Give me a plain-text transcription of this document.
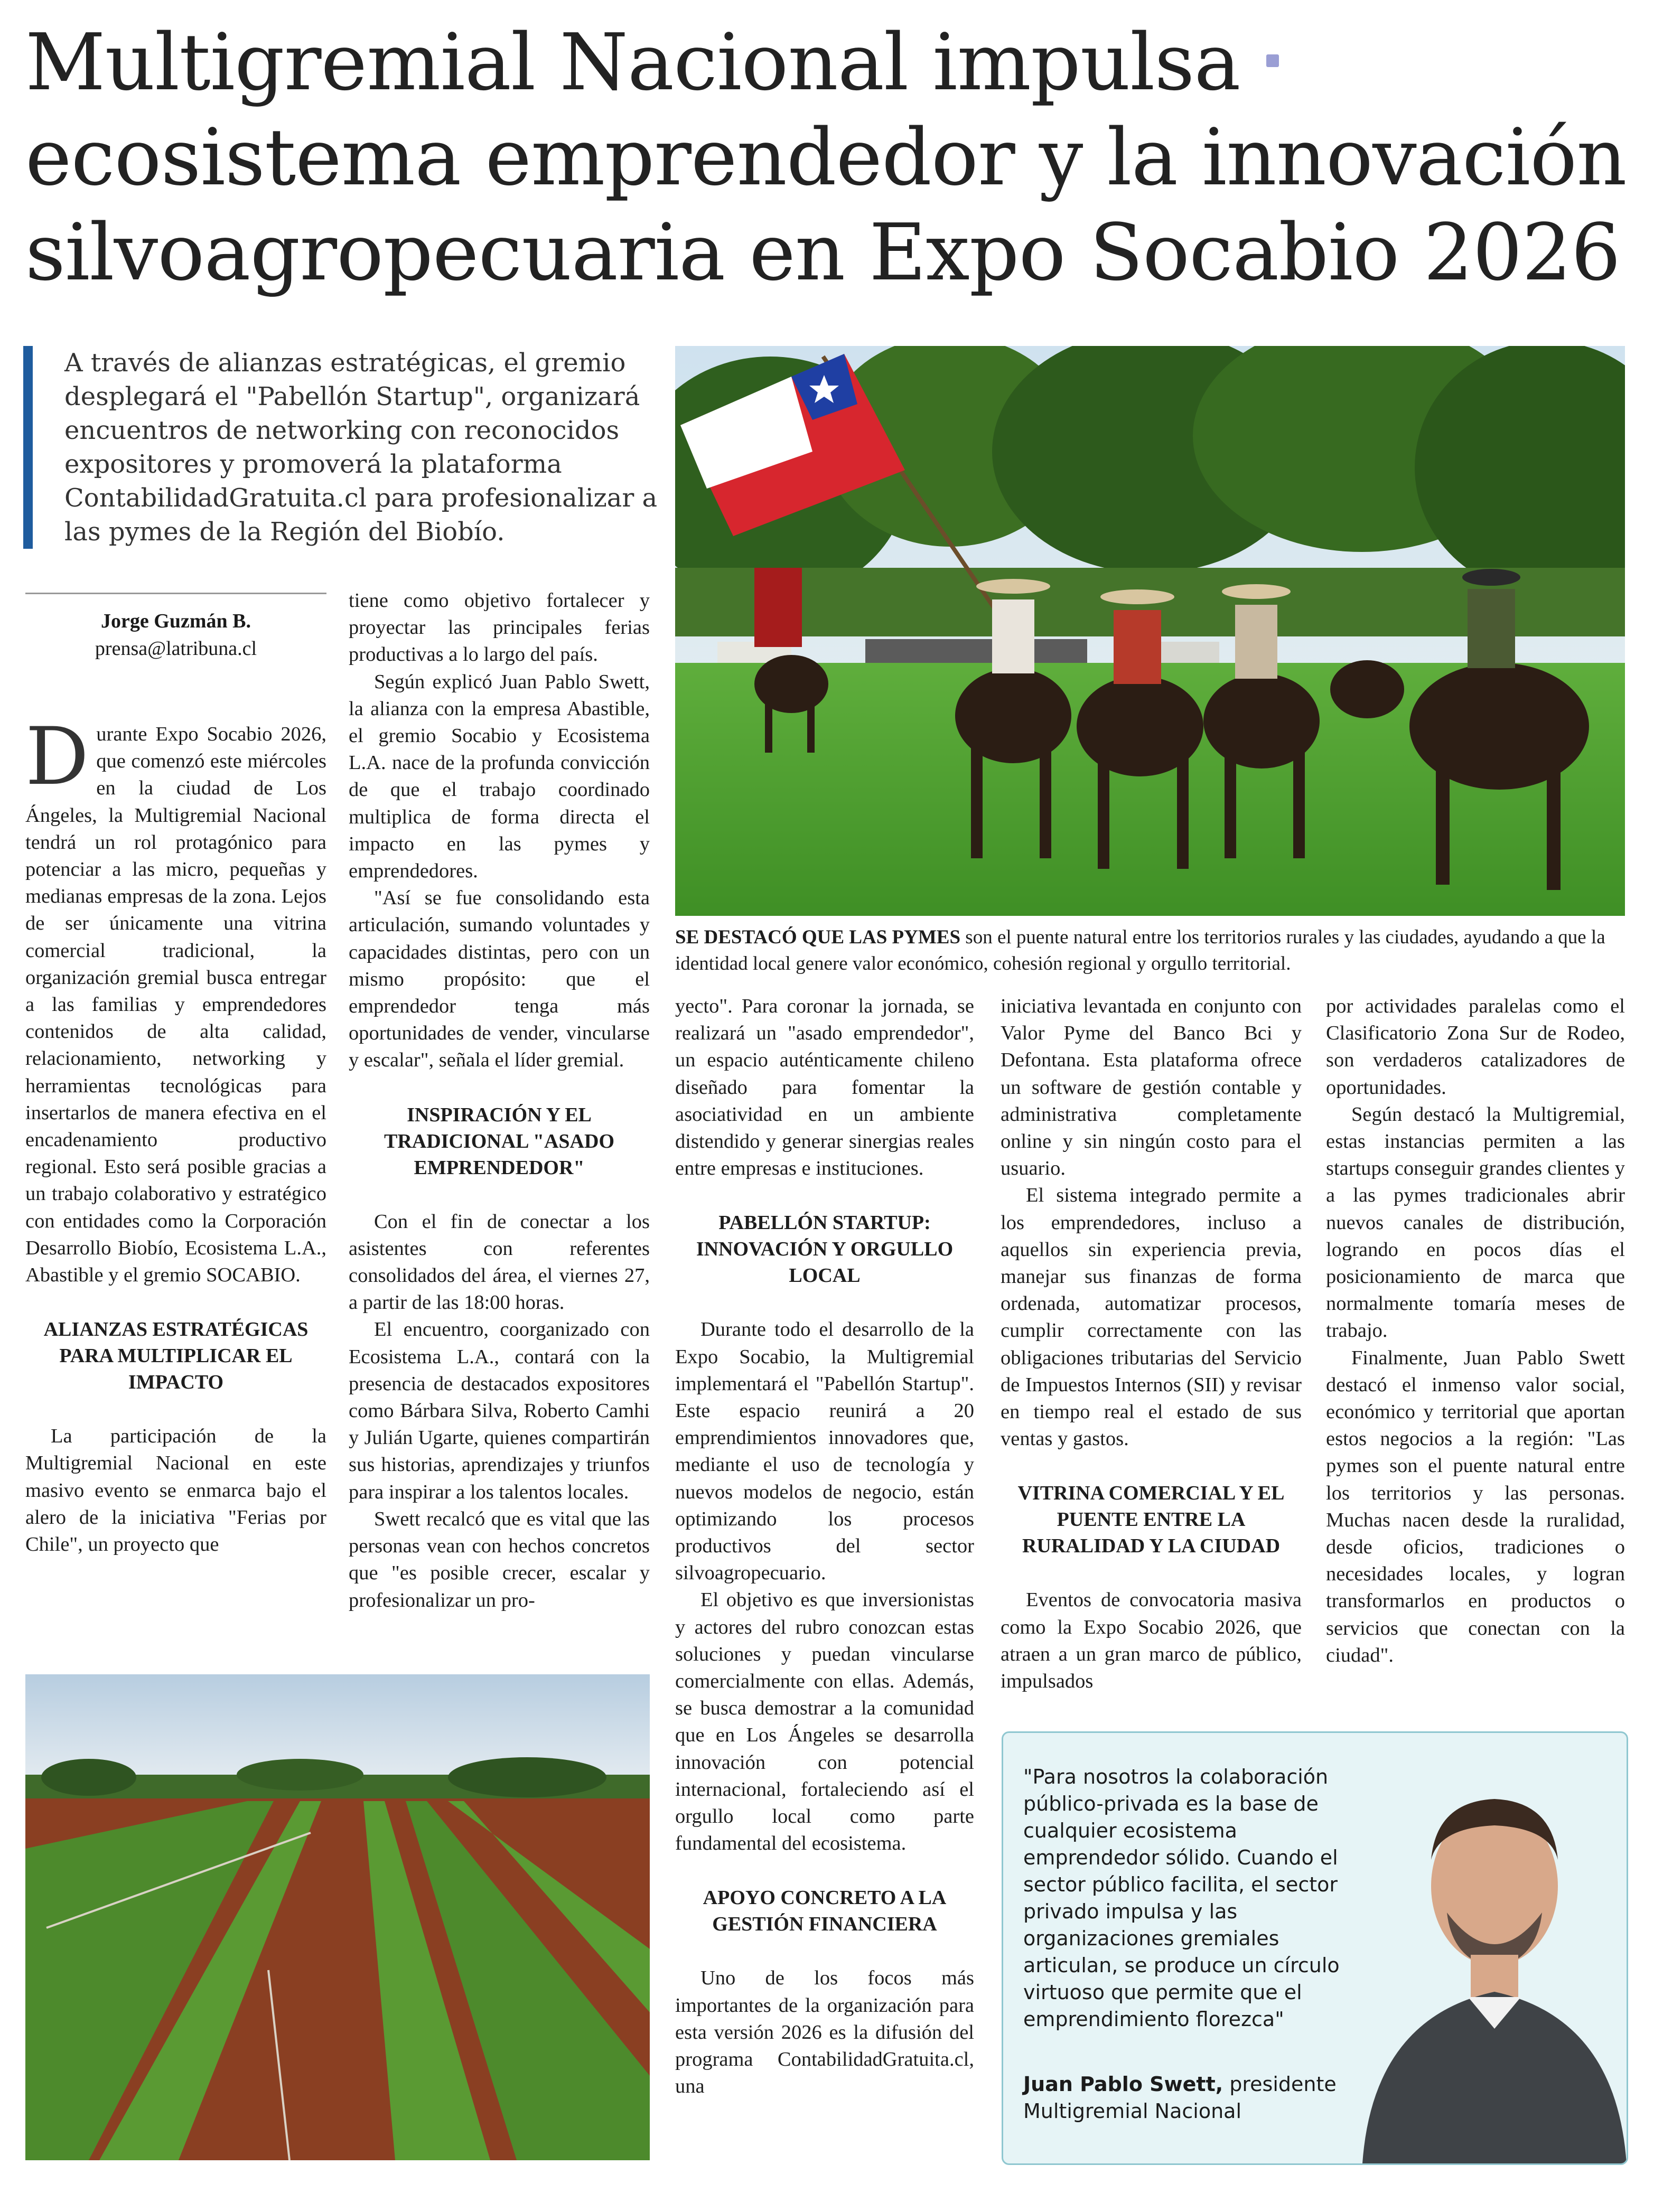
Multigremial Nacional impulsa
ecosistema emprendedor y la innovación
silvoagropecuaria en Expo Socabio 2026

A través de alianzas estratégicas, el gremio desplegará el "Pabellón Startup", organizará encuentros de networking con reconocidos expositores y promoverá la plataforma ContabilidadGratuita.cl para profesionalizar a las pymes de la Región del Biobío.

Jorge Guzmán B.
prensa@latribuna.cl
SE DESTACÓ QUE LAS PYMES son el puente natural entre los territorios rurales y las ciudades, ayudando a que la identidad local genere valor económico, cohesión regional y orgullo territorial.

Durante Expo Socabio 2026, que comenzó este miércoles en la ciudad de Los Ángeles, la Multigremial Nacional tendrá un rol protagónico para potenciar a las micro, pequeñas y medianas empresas de la zona. Lejos de ser únicamente una vitrina comercial tradicional, la organización gremial busca entregar a las familias y emprendedores contenidos de alta calidad, relacionamiento, networking y herramientas tecnológicas para insertarlos de manera efectiva en el encadenamiento productivo regional. Esto será posible gracias a un trabajo colaborativo y estratégico con entidades como la Corporación Desarrollo Biobío, Ecosistema L.A., Abastible y el gremio SOCABIO.

ALIANZAS ESTRATÉGICAS PARA MULTIPLICAR EL IMPACTO

La participación de la Multigremial Nacional en este masivo evento se enmarca bajo el alero de la iniciativa "Ferias por Chile", un proyecto que

tiene como objetivo fortalecer y proyectar las principales ferias productivas a lo largo del país.

Según explicó Juan Pablo Swett, la alianza con la empresa Abastible, el gremio Socabio y Ecosistema L.A. nace de la profunda convicción de que el trabajo coordinado multiplica de forma directa el impacto en las pymes y emprendedores.

"Así se fue consolidando esta articulación, sumando voluntades y capacidades distintas, pero con un mismo propósito: que el emprendedor tenga más oportunidades de vender, vincularse y escalar", señala el líder gremial.

INSPIRACIÓN Y EL TRADICIONAL "ASADO EMPRENDEDOR"

Con el fin de conectar a los asistentes con referentes consolidados del área, el viernes 27, a partir de las 18:00 horas.

El encuentro, coorganizado con Ecosistema L.A., contará con la presencia de destacados expositores como Bárbara Silva, Roberto Camhi y Julián Ugarte, quienes compartirán sus historias, aprendizajes y triunfos para inspirar a los talentos locales.

Swett recalcó que es vital que las personas vean con hechos concretos que "es posible crecer, escalar y profesionalizar un pro-

yecto". Para coronar la jornada, se realizará un "asado emprendedor", un espacio auténticamente chileno diseñado para fomentar la asociatividad en un ambiente distendido y generar sinergias reales entre empresas e instituciones.

PABELLÓN STARTUP: INNOVACIÓN Y ORGULLO LOCAL

Durante todo el desarrollo de la Expo Socabio, la Multigremial implementará el "Pabellón Startup". Este espacio reunirá a 20 emprendimientos innovadores que, mediante el uso de tecnología y nuevos modelos de negocio, están optimizando los procesos productivos del sector silvoagropecuario.

El objetivo es que inversionistas y actores del rubro conozcan estas soluciones y puedan vincularse comercialmente con ellas. Además, se busca demostrar a la comunidad que en Los Ángeles se desarrolla innovación con potencial internacional, fortaleciendo así el orgullo local como parte fundamental del ecosistema.

APOYO CONCRETO A LA GESTIÓN FINANCIERA

Uno de los focos más importantes de la organización para esta versión 2026 es la difusión del programa ContabilidadGratuita.cl, una

iniciativa levantada en conjunto con Valor Pyme del Banco Bci y Defontana. Esta plataforma ofrece un software de gestión contable y administrativa completamente online y sin ningún costo para el usuario.

El sistema integrado permite a los emprendedores, incluso a aquellos sin experiencia previa, manejar sus finanzas de forma ordenada, automatizar procesos, cumplir correctamente con las obligaciones tributarias del Servicio de Impuestos Internos (SII) y revisar en tiempo real el estado de sus ventas y gastos.

VITRINA COMERCIAL Y EL PUENTE ENTRE LA RURALIDAD Y LA CIUDAD

Eventos de convocatoria masiva como la Expo Socabio 2026, que atraen a un gran marco de público, impulsados

por actividades paralelas como el Clasificatorio Zona Sur de Rodeo, son verdaderos catalizadores de oportunidades.

Según destacó la Multigremial, estas instancias permiten a las startups conseguir grandes clientes y a las pymes tradicionales abrir nuevos canales de distribución, logrando en pocos días el posicionamiento de marca que normalmente tomaría meses de trabajo.

Finalmente, Juan Pablo Swett destacó el inmenso valor social, económico y territorial que aportan estos negocios a la región: "Las pymes son el puente natural entre los territorios y las personas. Muchas nacen desde la ruralidad, desde oficios, tradiciones o necesidades locales, y logran transformarlos en productos o servicios que conectan con la ciudad".

"Para nosotros la colaboración público-privada es la base de cualquier ecosistema emprendedor sólido. Cuando el sector público facilita, el sector privado impulsa y las organizaciones gremiales articulan, se produce un círculo virtuoso que permite que el emprendimiento florezca"
Juan Pablo Swett, presidente Multigremial Nacional
